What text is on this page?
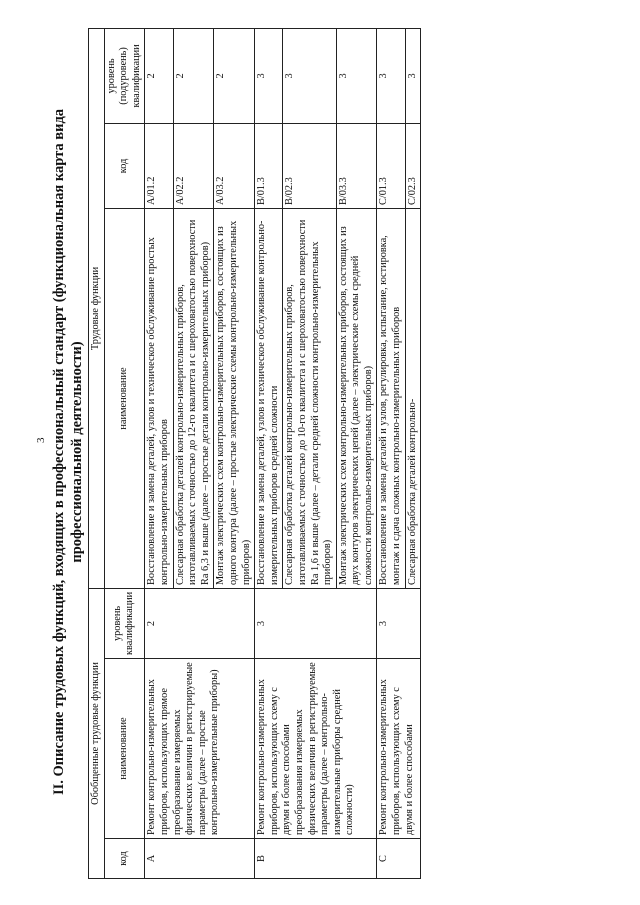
3 II. Описание трудовых функций, входящих в профессиональный стандарт (функциональная карта вида профессиональной деятельности)
Обобщенные трудовые функции			Трудовые функции		
код	наименование	уровень квалификации	наименование	код	уровень (подуровень) квалификации
A	Ремонт контрольно-измерительных приборов, использующих прямое преобразование измеряемых физических величин в регистрируемые параметры (далее – простые контрольно-измерительные приборы)	2	Восстановление и замена деталей, узлов и техническое обслуживание простых контрольно-измерительных приборов	A/01.2	2
			Слесарная обработка деталей контрольно-измерительных приборов, изготавливаемых с точностью до 12-го квалитета и с шероховатостью поверхности Ra 6,3 и выше (далее – простые детали контрольно-измерительных приборов)	A/02.2	2
			Монтаж электрических схем контрольно-измерительных приборов, состоящих из одного контура (далее – простые электрические схемы контрольно-измерительных приборов)	A/03.2	2
B	Ремонт контрольно-измерительных приборов, использующих схему с двумя и более способами преобразования измеряемых физических величин в регистрируемые параметры (далее – контрольно-измерительные приборы средней сложности)	3	Восстановление и замена деталей, узлов и техническое обслуживание контрольно-измерительных приборов средней сложности	B/01.3	3
			Слесарная обработка деталей контрольно-измерительных приборов, изготавливаемых с точностью до 10-го квалитета и с шероховатостью поверхности Ra 1,6 и выше (далее – детали средней сложности контрольно-измерительных приборов)	B/02.3	3
			Монтаж электрических схем контрольно-измерительных приборов, состоящих из двух контуров электрических цепей (далее – электрические схемы средней сложности контрольно-измерительных приборов)	B/03.3	3
C	Ремонт контрольно-измерительных приборов, использующих схему с двумя и более способами	3	Восстановление и замена деталей и узлов, регулировка, испытание, юстировка, монтаж и сдача сложных контрольно-измерительных приборов	C/01.3	3
			Слесарная обработка деталей контрольно-	C/02.3	3
